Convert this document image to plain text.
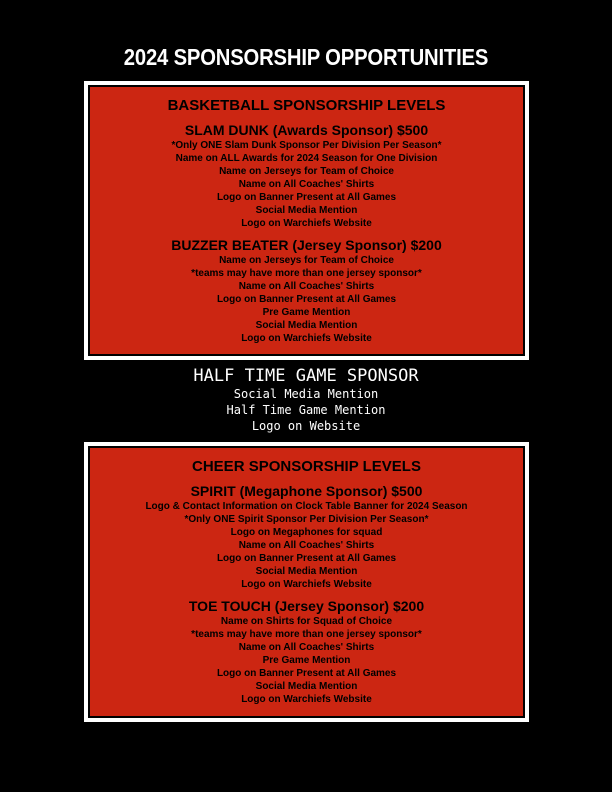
2024 SPONSORSHIP OPPORTUNITIES
BASKETBALL SPONSORSHIP LEVELS
SLAM DUNK (Awards Sponsor) $500
*Only ONE Slam Dunk Sponsor Per Division Per Season*
Name on ALL Awards for 2024 Season for One Division
Name on Jerseys for Team of Choice
Name on All Coaches' Shirts
Logo on Banner Present at All Games
Social Media Mention
Logo on Warchiefs Website
BUZZER BEATER (Jersey Sponsor) $200
Name on Jerseys for Team of Choice
*teams may have more than one jersey sponsor*
Name on All Coaches' Shirts
Logo on Banner Present at All Games
Pre Game Mention
Social Media Mention
Logo on Warchiefs Website
HALF TIME GAME SPONSOR
Social Media Mention
Half Time Game Mention
Logo on Website
CHEER SPONSORSHIP LEVELS
SPIRIT (Megaphone Sponsor) $500
Logo & Contact Information on Clock Table Banner for 2024 Season
*Only ONE Spirit Sponsor Per Division Per Season*
Logo on Megaphones for squad
Name on All Coaches' Shirts
Logo on Banner Present at All Games
Social Media Mention
Logo on Warchiefs Website
TOE TOUCH (Jersey Sponsor) $200
Name on Shirts for Squad of Choice
*teams may have more than one jersey sponsor*
Name on All Coaches' Shirts
Pre Game Mention
Logo on Banner Present at All Games
Social Media Mention
Logo on Warchiefs Website
